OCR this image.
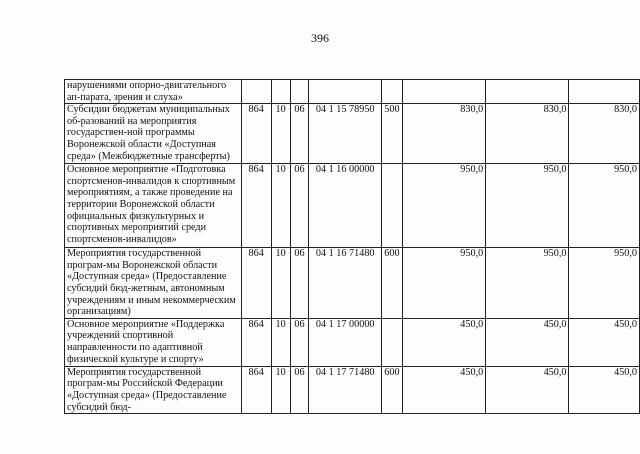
396
нарушениями опорно-двигательного ап-парата, зрения и слуха»								
Субсидии бюджетам муниципальных об-разований на мероприятия государствен-ной программы Воронежской области «Доступная среда» (Межбюджетные трансферты)	864	10	06	04 1 15 78950	500	830,0	830,0	830,0
Основное мероприятие «Подготовка спортсменов-инвалидов к спортивным мероприятиям, а также проведение на территории Воронежской области официальных физкультурных и спортивных мероприятий среди спортсменов-инвалидов»	864	10	06	04 1 16 00000		950,0	950,0	950,0
Мероприятия государственной програм-мы Воронежской области «Доступная среда» (Предоставление субсидий бюд-жетным, автономным учреждениям и иным некоммерческим организациям)	864	10	06	04 1 16 71480	600	950,0	950,0	950,0
Основное мероприятие «Поддержка учреждений спортивной направленности по адаптивной физической культуре и спорту»	864	10	06	04 1 17 00000		450,0	450,0	450,0
Мероприятия государственной програм-мы Российской Федерации «Доступная среда» (Предоставление субсидий бюд-	864	10	06	04 1 17 71480	600	450,0	450,0	450,0
